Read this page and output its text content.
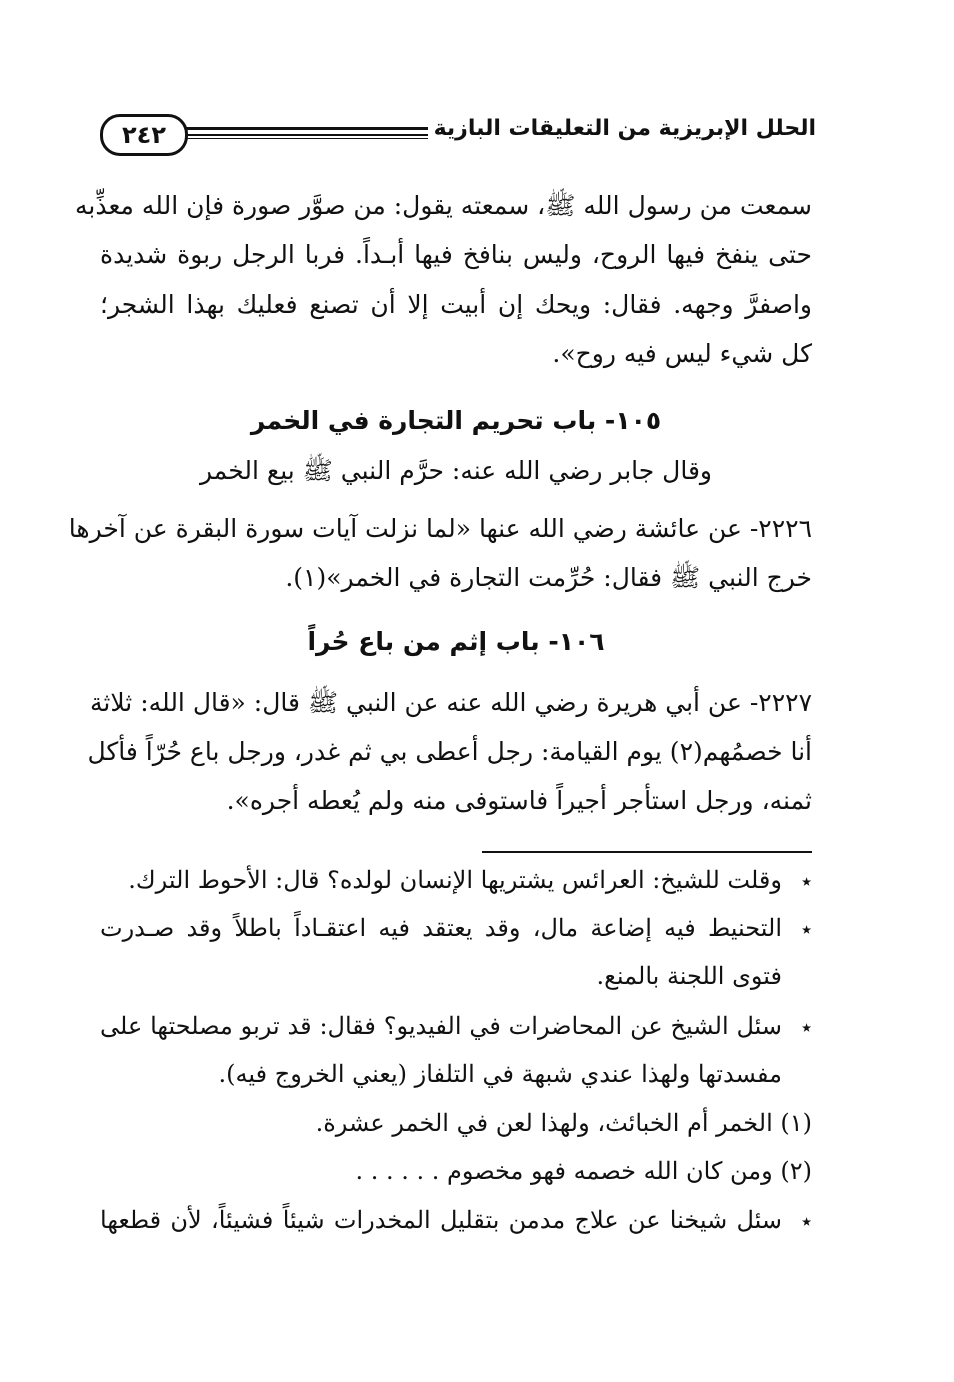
٢٤٢	الحلل الإبريزية من التعليقات البازية
سمعت من رسول الله ﷺ، سمعته يقول: من صوَّر صورة فإن الله معذِّبه
حتى ينفخ فيها الروح، وليس بنافخ فيها أبـداً. فربا الرجل ربوة شديدة
واصفرَّ وجهه. فقال: ويحك إن أبيت إلا أن تصنع فعليك بهذا الشجر؛
كل شيء ليس فيه روح».
١٠٥- باب تحريم التجارة في الخمر
وقال جابر رضي الله عنه: حرَّم النبي ﷺ بيع الخمر
٢٢٢٦- عن عائشة رضي الله عنها «لما نزلت آيات سورة البقرة عن آخرها
خرج النبي ﷺ فقال: حُرِّمت التجارة في الخمر»(١).
١٠٦- باب إثم من باع حُراً
٢٢٢٧- عن أبي هريرة رضي الله عنه عن النبي ﷺ قال: «قال الله: ثلاثة
أنا خصمُهم(٢) يوم القيامة: رجل أعطى بي ثم غدر، ورجل باع حُرّاً فأكل
ثمنه، ورجل استأجر أجيراً فاستوفى منه ولم يُعطه أجره».
٭وقلت للشيخ: العرائس يشتريها الإنسان لولده؟ قال: الأحوط الترك.
٭التحنيط فيه إضاعة مال، وقد يعتقد فيه اعتقـاداً باطلاً وقد صـدرت
فتوى اللجنة بالمنع.
٭سئل الشيخ عن المحاضرات في الفيديو؟ فقال: قد تربو مصلحتها على
مفسدتها ولهذا عندي شبهة في التلفاز (يعني الخروج فيه).
(١) الخمر أم الخبائث، ولهذا لعن في الخمر عشرة.
(٢) ومن كان الله خصمه فهو مخصوم . . . . . .
٭سئل شيخنا عن علاج مدمن بتقليل المخدرات شيئاً فشيئاً، لأن قطعها
